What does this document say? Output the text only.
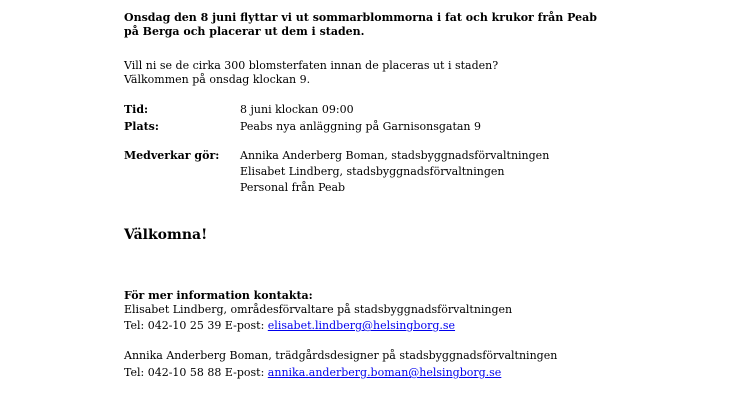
Onsdag den 8 juni flyttar vi ut sommarblommorna i fat och krukor från Peab
på Berga och placerar ut dem i staden.
Vill ni se de cirka 300 blomsterfaten innan de placeras ut i staden?
Välkommen på onsdag klockan 9.
Tid:	8 juni klockan 09:00
Plats:	Peabs nya anläggning på Garnisonsgatan 9
Medverkar gör: Annika Anderberg Boman, stadsbyggnadsförvaltningen
Elisabet Lindberg, stadsbyggnadsförvaltningen
Personal från Peab
Välkomna!
För mer information kontakta:
Elisabet Lindberg, områdesförvaltare på stadsbyggnadsförvaltningen
Tel: 042-10 25 39 E-post: elisabet.lindberg@helsingborg.se
Annika Anderberg Boman, trädgårdsdesigner på stadsbyggnadsförvaltningen
Tel: 042-10 58 88 E-post: annika.anderberg.boman@helsingborg.se
